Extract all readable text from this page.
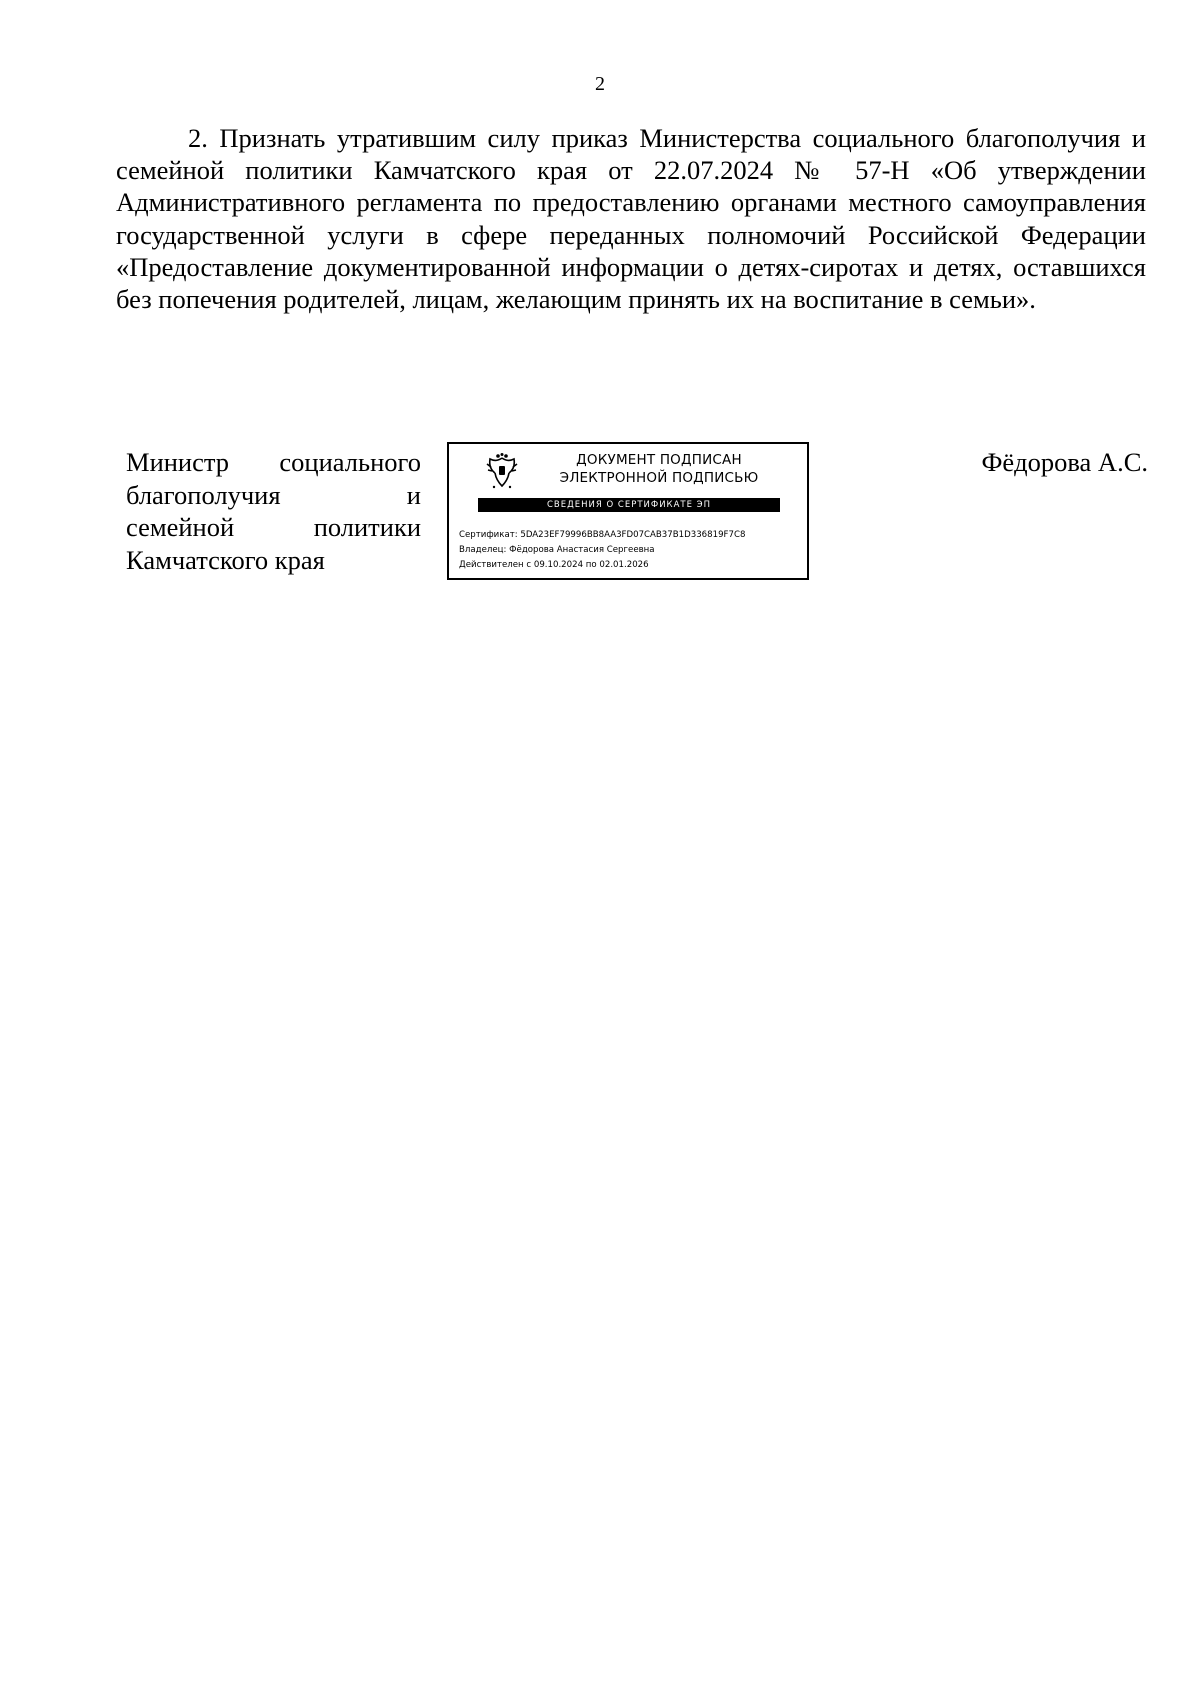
2

2. Признать утратившим силу приказ Министерства социального благополучия и семейной политики Камчатского края от 22.07.2024 № 57-Н «Об утверждении Административного регламента по предоставлению органами местного самоуправления государственной услуги в сфере переданных полномочий Российской Федерации «Предоставление документированной информации о детях-сиротах и детях, оставшихся без попечения родителей, лицам, желающим принять их на воспитание в семьи».

Министр социального
благополучия и
семейной политики
Камчатского края
ДОКУМЕНТ ПОДПИСАН
ЭЛЕКТРОННОЙ ПОДПИСЬЮ
СВЕДЕНИЯ О СЕРТИФИКАТЕ ЭП
Сертификат: 5DA23EF79996BB8AA3FD07CAB37B1D336819F7C8
Владелец: Фёдорова Анастасия Сергеевна
Действителен с 09.10.2024 по 02.01.2026
Фёдорова А.С.
